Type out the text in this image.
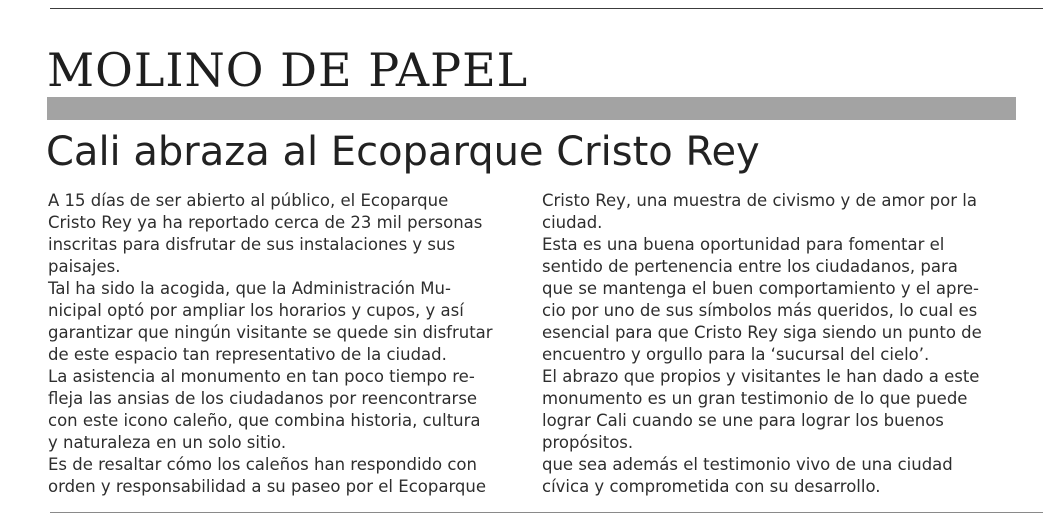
MOLINO DE PAPEL
Cali abraza al Ecoparque Cristo Rey
A 15 días de ser abierto al público, el Ecoparque
Cristo Rey ya ha reportado cerca de 23 mil personas
inscritas para disfrutar de sus instalaciones y sus
paisajes.
Tal ha sido la acogida, que la Administración Mu-
nicipal optó por ampliar los horarios y cupos, y así
garantizar que ningún visitante se quede sin disfrutar
de este espacio tan representativo de la ciudad.
La asistencia al monumento en tan poco tiempo re-
fleja las ansias de los ciudadanos por reencontrarse
con este icono caleño, que combina historia, cultura
y naturaleza en un solo sitio.
Es de resaltar cómo los caleños han respondido con
orden y responsabilidad a su paseo por el Ecoparque
Cristo Rey, una muestra de civismo y de amor por la
ciudad.
Esta es una buena oportunidad para fomentar el
sentido de pertenencia entre los ciudadanos, para
que se mantenga el buen comportamiento y el apre-
cio por uno de sus símbolos más queridos, lo cual es
esencial para que Cristo Rey siga siendo un punto de
encuentro y orgullo para la ‘sucursal del cielo’.
El abrazo que propios y visitantes le han dado a este
monumento es un gran testimonio de lo que puede
lograr Cali cuando se une para lograr los buenos
propósitos.
que sea además el testimonio vivo de una ciudad
cívica y comprometida con su desarrollo.
